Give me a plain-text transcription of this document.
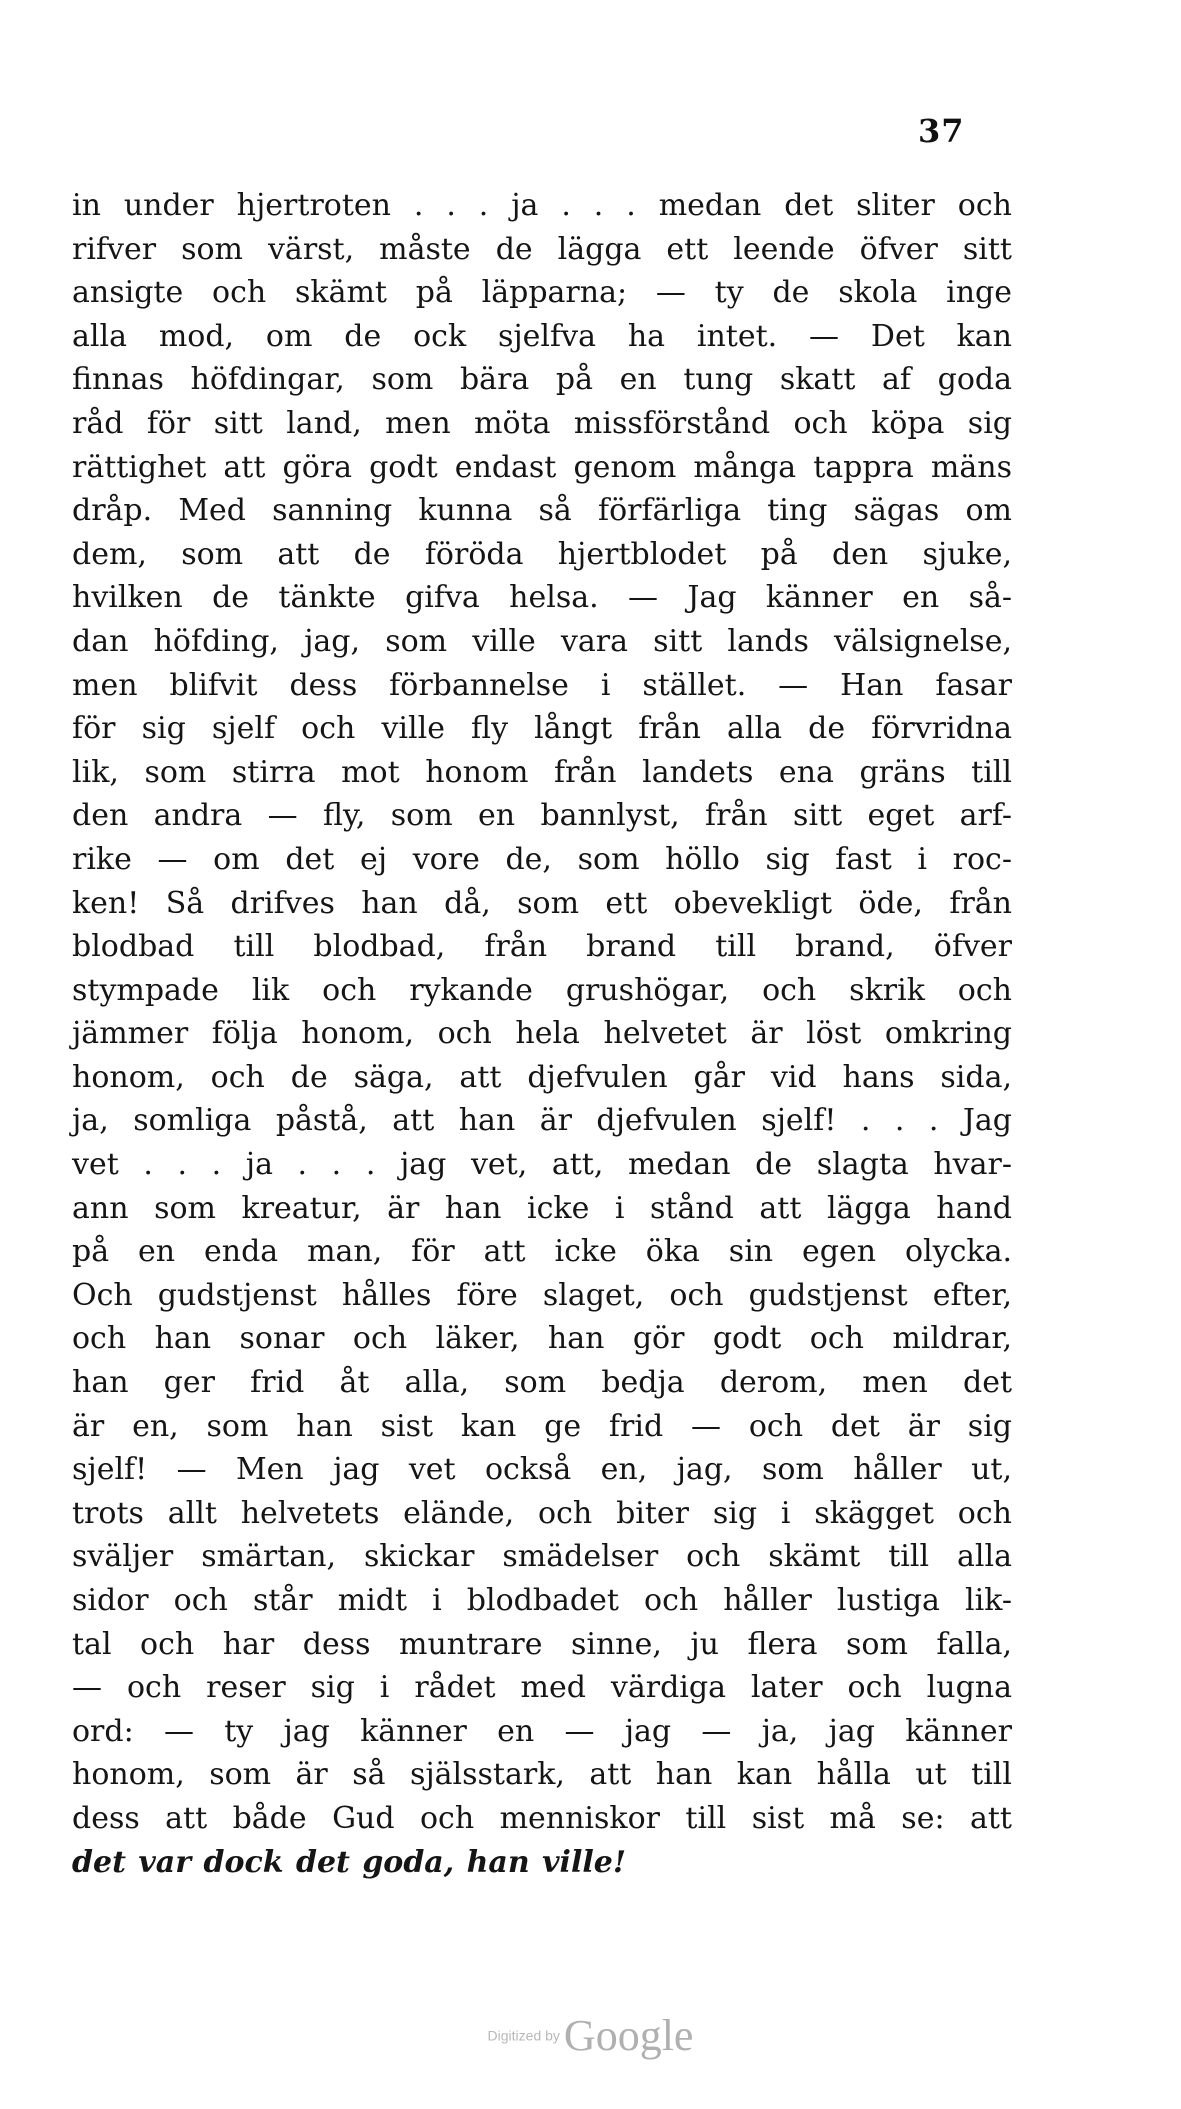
37
in under hjertroten . . . ja . . . medan det sliter och
rifver som värst, måste de lägga ett leende öfver sitt
ansigte och skämt på läpparna; — ty de skola inge
alla mod, om de ock sjelfva ha intet. — Det kan
finnas höfdingar, som bära på en tung skatt af goda
råd för sitt land, men möta missförstånd och köpa sig
rättighet att göra godt endast genom många tappra mäns
dråp. Med sanning kunna så förfärliga ting sägas om
dem, som att de föröda hjertblodet på den sjuke,
hvilken de tänkte gifva helsa. — Jag känner en så-
dan höfding, jag, som ville vara sitt lands välsignelse,
men blifvit dess förbannelse i stället. — Han fasar
för sig sjelf och ville fly långt från alla de förvridna
lik, som stirra mot honom från landets ena gräns till
den andra — fly, som en bannlyst, från sitt eget arf-
rike — om det ej vore de, som höllo sig fast i roc-
ken! Så drifves han då, som ett obevekligt öde, från
blodbad till blodbad, från brand till brand, öfver
stympade lik och rykande grushögar, och skrik och
jämmer följa honom, och hela helvetet är löst omkring
honom, och de säga, att djefvulen går vid hans sida,
ja, somliga påstå, att han är djefvulen sjelf! . . . Jag
vet . . . ja . . . jag vet, att, medan de slagta hvar-
ann som kreatur, är han icke i stånd att lägga hand
på en enda man, för att icke öka sin egen olycka.
Och gudstjenst hålles före slaget, och gudstjenst efter,
och han sonar och läker, han gör godt och mildrar,
han ger frid åt alla, som bedja derom, men det
är en, som han sist kan ge frid — och det är sig
sjelf! — Men jag vet också en, jag, som håller ut,
trots allt helvetets elände, och biter sig i skägget och
sväljer smärtan, skickar smädelser och skämt till alla
sidor och står midt i blodbadet och håller lustiga lik-
tal och har dess muntrare sinne, ju flera som falla,
— och reser sig i rådet med värdiga later och lugna
ord: — ty jag känner en — jag — ja, jag känner
honom, som är så själsstark, att han kan hålla ut till
dess att både Gud och menniskor till sist må se: att
det var dock det goda, han ville!
Digitized by Google
